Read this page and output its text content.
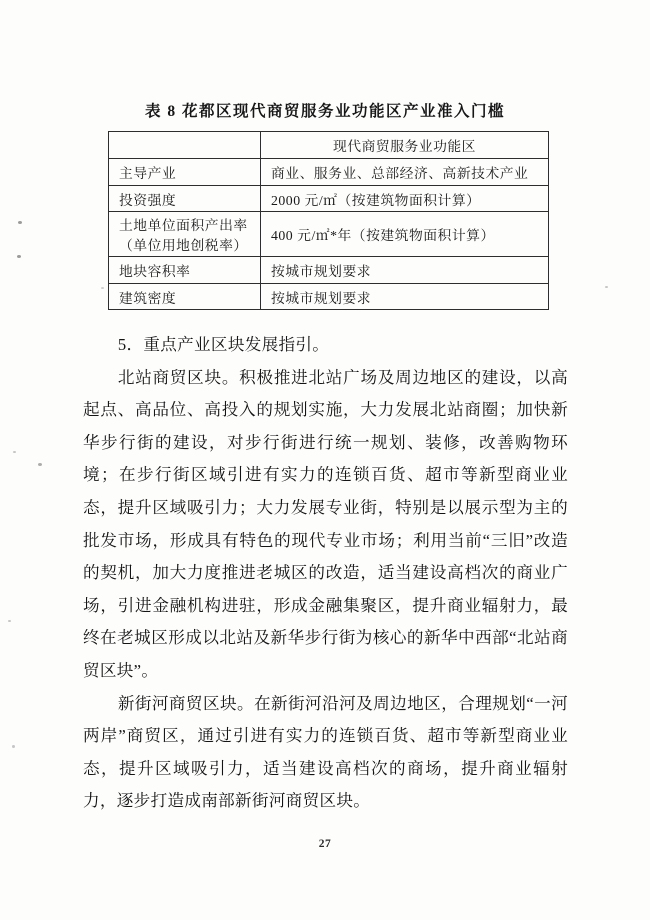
表 8 花都区现代商贸服务业功能区产业准入门槛
	现代商贸服务业功能区
主导产业	商业、服务业、总部经济、高新技术产业
投资强度	2000 元/㎡（按建筑物面积计算）

土地单位面积产出率
（单位用地创税率）	400 元/㎡*年（按建筑物面积计算）
地块容积率	按城市规划要求
建筑密度	按城市规划要求

5．重点产业区块发展指引。

北站商贸区块。积极推进北站广场及周边地区的建设，以高起点、高品位、高投入的规划实施，大力发展北站商圈；加快新华步行街的建设，对步行街进行统一规划、装修，改善购物环境；在步行街区域引进有实力的连锁百货、超市等新型商业业态，提升区域吸引力；大力发展专业街，特别是以展示型为主的批发市场，形成具有特色的现代专业市场；利用当前“三旧”改造的契机，加大力度推进老城区的改造，适当建设高档次的商业广场，引进金融机构进驻，形成金融集聚区，提升商业辐射力，最终在老城区形成以北站及新华步行街为核心的新华中西部“北站商贸区块”。

新街河商贸区块。在新街河沿河及周边地区，合理规划“一河两岸”商贸区，通过引进有实力的连锁百货、超市等新型商业业态，提升区域吸引力，适当建设高档次的商场，提升商业辐射力，逐步打造成南部新街河商贸区块。

27
